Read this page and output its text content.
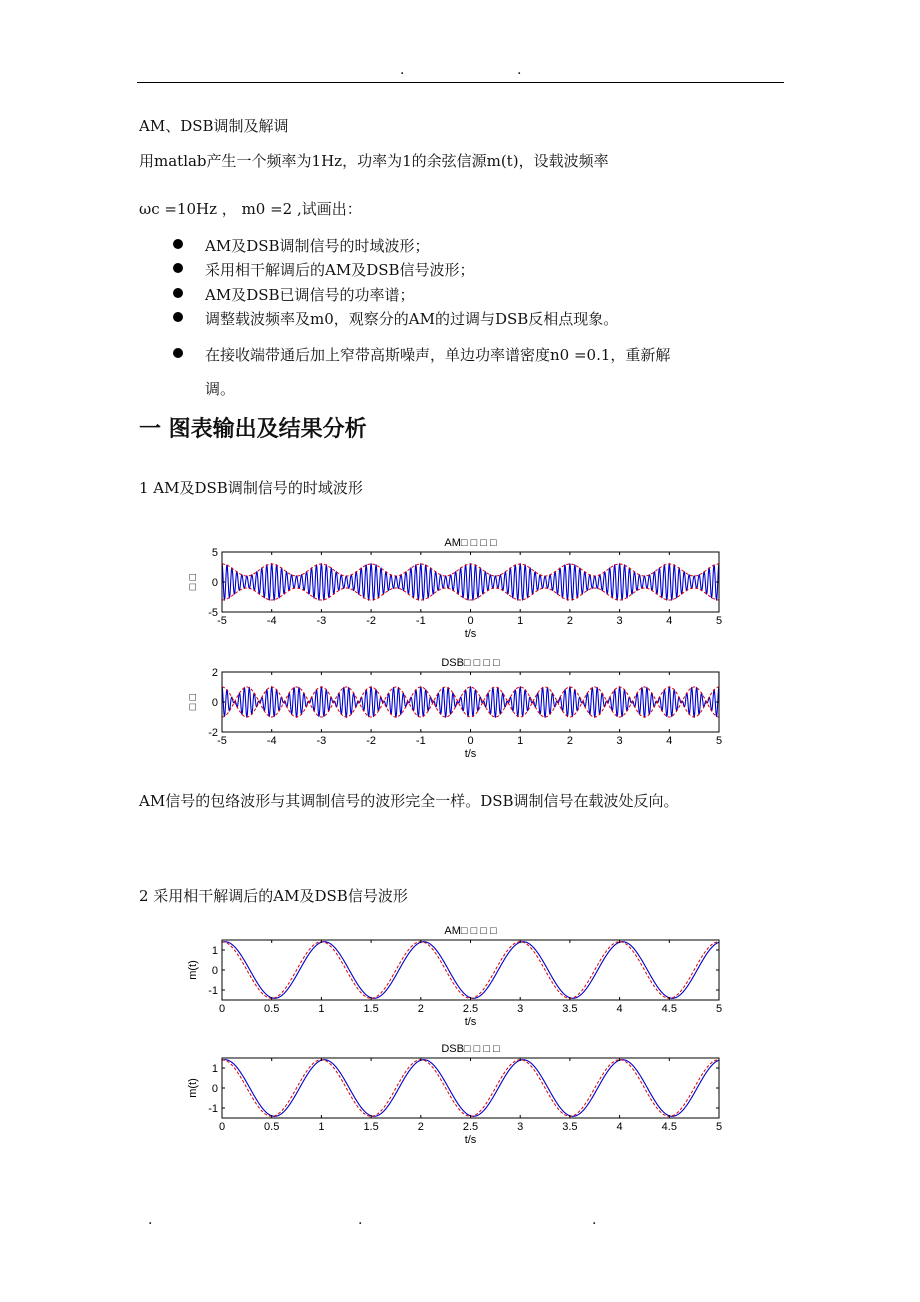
.	.
AM、DSB调制及解调
用matlab产生一个频率为1Hz，功率为1的余弦信源m(t)，设载波频率
ωc =10Hz ， m0 =2 ,试画出：
AM及DSB调制信号的时域波形；
采用相干解调后的AM及DSB信号波形；
AM及DSB已调信号的功率谱；
调整载波频率及m0，观察分的AM的过调与DSB反相点现象。
在接收端带通后加上窄带高斯噪声，单边功率谱密度n0 =0.1，重新解
调。
一 图表输出及结果分析
1 AM及DSB调制信号的时域波形
AM□ □ □ □
-5	-4	-3	-2	-1	0	1	2	3	4	5
t/s
5
0
-5
□ □
DSB□ □ □ □
-5	-4	-3	-2	-1	0	1	2	3	4	5
t/s
2
0
-2
□ □
AM信号的包络波形与其调制信号的波形完全一样。DSB调制信号在载波处反向。
2 采用相干解调后的AM及DSB信号波形
AM□ □ □ □
0	0.5	1	1.5	2	2.5	3	3.5	4	4.5	5
t/s
1
0
-1
m(t)
DSB□ □ □ □
0	0.5	1	1.5	2	2.5	3	3.5	4	4.5	5
t/s
1
0
-1
m(t)
.	.	.
